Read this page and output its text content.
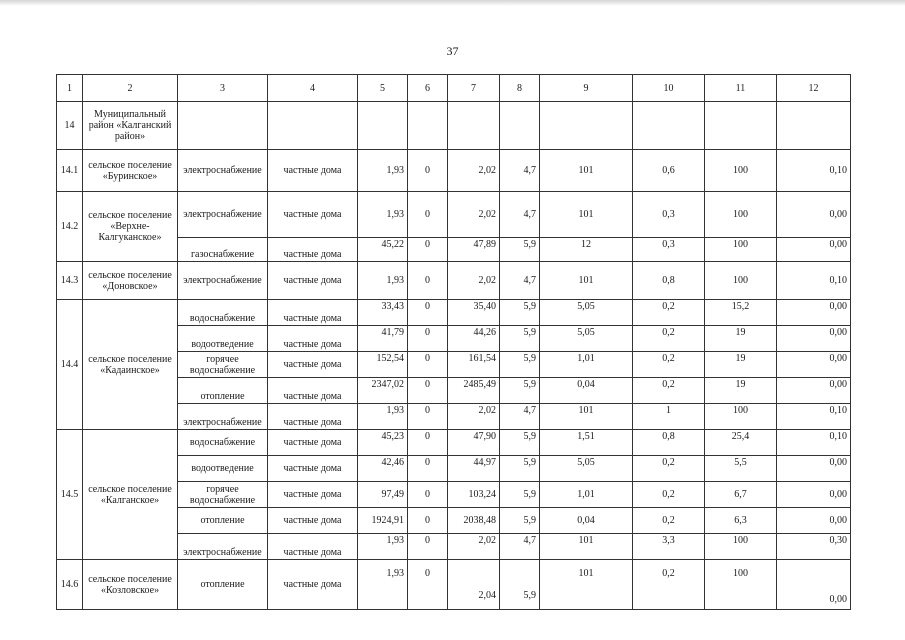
37
1	2	3	4	5	6	7	8	9	10	11	12
14	Муниципальный район «Калганский район»										
14.1	сельское поселение «Буринское»	электроснабжение	частные дома	1,93	0	2,02	4,7	101	0,6	100	0,10
14.2	сельское поселение «Верхне-Калгуканское»	электроснабжение	частные дома	1,93	0	2,02	4,7	101	0,3	100	0,00
		газоснабжение	частные дома	45,22	0	47,89	5,9	12	0,3	100	0,00
14.3	сельское поселение «Доновское»	электроснабжение	частные дома	1,93	0	2,02	4,7	101	0,8	100	0,10
14.4	сельское поселение «Кадаинское»	водоснабжение	частные дома	33,43	0	35,40	5,9	5,05	0,2	15,2	0,00
		водоотведение	частные дома	41,79	0	44,26	5,9	5,05	0,2	19	0,00
		горячее водоснабжение	частные дома	152,54	0	161,54	5,9	1,01	0,2	19	0,00
		отопление	частные дома	2347,02	0	2485,49	5,9	0,04	0,2	19	0,00
		электроснабжение	частные дома	1,93	0	2,02	4,7	101	1	100	0,10
14.5	сельское поселение «Калганское»	водоснабжение	частные дома	45,23	0	47,90	5,9	1,51	0,8	25,4	0,10
		водоотведение	частные дома	42,46	0	44,97	5,9	5,05	0,2	5,5	0,00
		горячее водоснабжение	частные дома	97,49	0	103,24	5,9	1,01	0,2	6,7	0,00
		отопление	частные дома	1924,91	0	2038,48	5,9	0,04	0,2	6,3	0,00
		электроснабжение	частные дома	1,93	0	2,02	4,7	101	3,3	100	0,30
14.6	сельское поселение «Козловское»	отопление	частные дома	1,93	0	2,04	5,9	101	0,2	100	0,00
